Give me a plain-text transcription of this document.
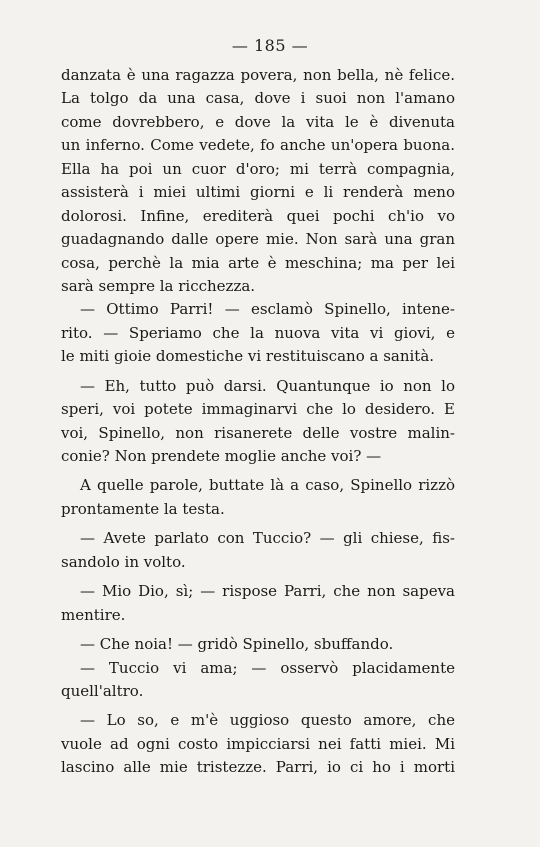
— 185 —
danzata è una ragazza povera, non bella, nè felice.
La tolgo da una casa, dove i suoi non l'amano
come dovrebbero, e dove la vita le è divenuta
un inferno. Come vedete, fo anche un'opera buona.
Ella ha poi un cuor d'oro; mi terrà compagnia,
assisterà i miei ultimi giorni e li renderà meno
dolorosi. Infine, erediterà quei pochi ch'io vo
guadagnando dalle opere mie. Non sarà una gran
cosa, perchè la mia arte è meschina; ma per lei
sarà sempre la ricchezza.
— Ottimo Parri! — esclamò Spinello, intene-
rito. — Speriamo che la nuova vita vi giovi, e
le miti gioie domestiche vi restituiscano a sanità.
— Eh, tutto può darsi. Quantunque io non lo
speri, voi potete immaginarvi che lo desidero. E
voi, Spinello, non risanerete delle vostre malin-
conie? Non prendete moglie anche voi? —
A quelle parole, buttate là a caso, Spinello rizzò
prontamente la testa.
— Avete parlato con Tuccio? — gli chiese, fis-
sandolo in volto.
— Mio Dio, sì; — rispose Parri, che non sapeva
mentire.
— Che noia! — gridò Spinello, sbuffando.
— Tuccio vi ama; — osservò placidamente
quell'altro.
— Lo so, e m'è uggioso questo amore, che
vuole ad ogni costo impicciarsi nei fatti miei. Mi
lascino alle mie tristezze. Parri, io ci ho i morti
